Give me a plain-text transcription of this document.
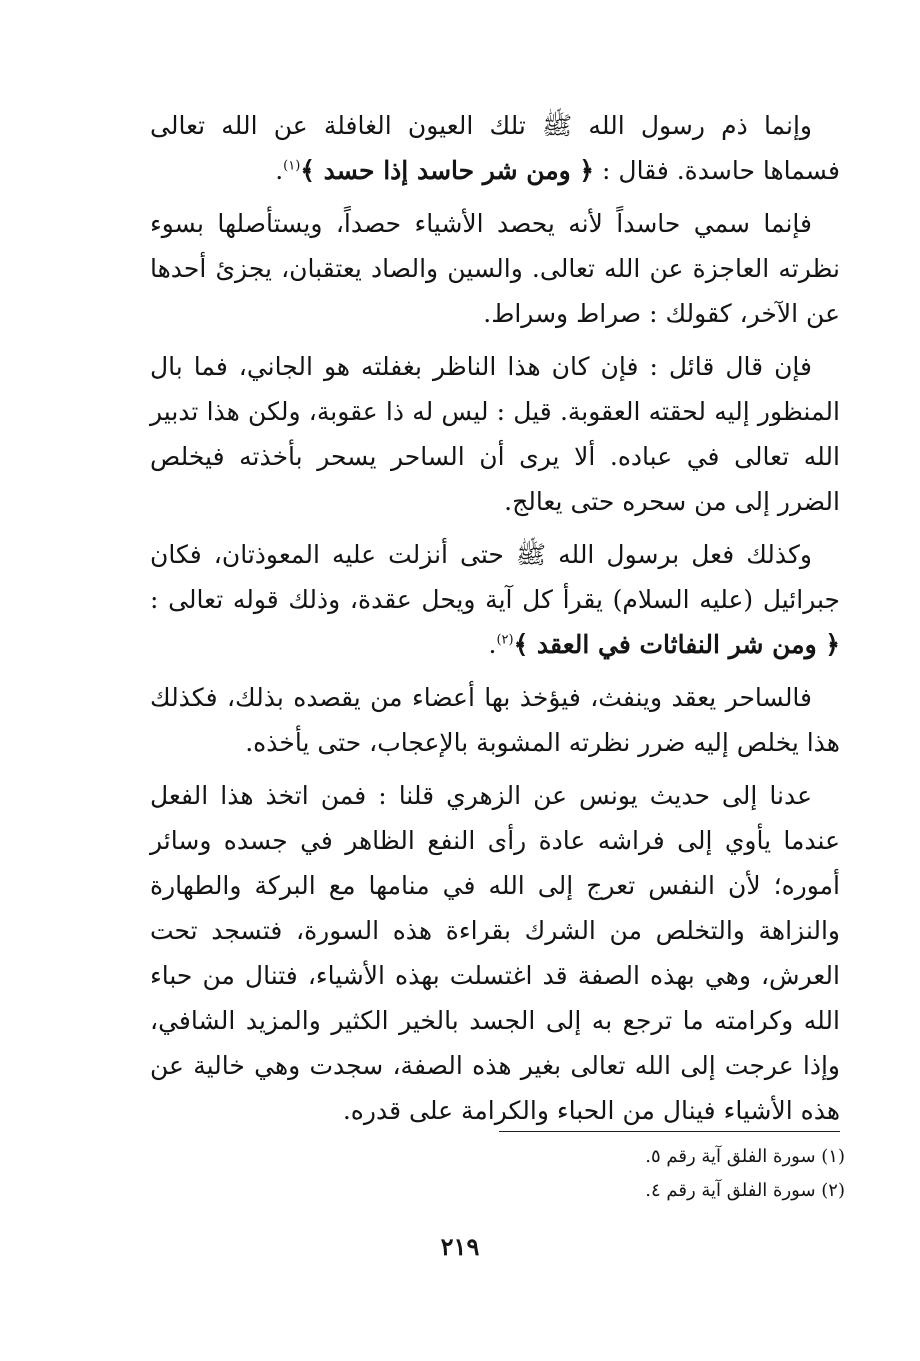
وإنما ذم رسول الله ﷺ تلك العيون الغافلة عن الله تعالى فسماها حاسدة. فقال : ﴿ ومن شر حاسد إذا حسد ﴾$^{(١)}$.

فإنما سمي حاسداً لأنه يحصد الأشياء حصداً، ويستأصلها بسوء نظرته العاجزة عن الله تعالى. والسين والصاد يعتقبان، يجزئ أحدها عن الآخر، كقولك : صراط وسراط.

فإن قال قائل : فإن كان هذا الناظر بغفلته هو الجاني، فما بال المنظور إليه لحقته العقوبة. قيل : ليس له ذا عقوبة، ولكن هذا تدبير الله تعالى في عباده. ألا يرى أن الساحر يسحر بأخذته فيخلص الضرر إلى من سحره حتى يعالج.

وكذلك فعل برسول الله ﷺ حتى أنزلت عليه المعوذتان، فكان جبرائيل (عليه السلام) يقرأ كل آية ويحل عقدة، وذلك قوله تعالى : ﴿ ومن شر النفاثات في العقد ﴾$^{(٢)}$.

فالساحر يعقد وينفث، فيؤخذ بها أعضاء من يقصده بذلك، فكذلك هذا يخلص إليه ضرر نظرته المشوبة بالإعجاب، حتى يأخذه.

عدنا إلى حديث يونس عن الزهري قلنا : فمن اتخذ هذا الفعل عندما يأوي إلى فراشه عادة رأى النفع الظاهر في جسده وسائر أموره؛ لأن النفس تعرج إلى الله في منامها مع البركة والطهارة والنزاهة والتخلص من الشرك بقراءة هذه السورة، فتسجد تحت العرش، وهي بهذه الصفة قد اغتسلت بهذه الأشياء، فتنال من حباء الله وكرامته ما ترجع به إلى الجسد بالخير الكثير والمزيد الشافي، وإذا عرجت إلى الله تعالى بغير هذه الصفة، سجدت وهي خالية عن هذه الأشياء فينال من الحباء والكرامة على قدره.

(١) سورة الفلق آية رقم ٥.

(٢) سورة الفلق آية رقم ٤.

٢١٩
